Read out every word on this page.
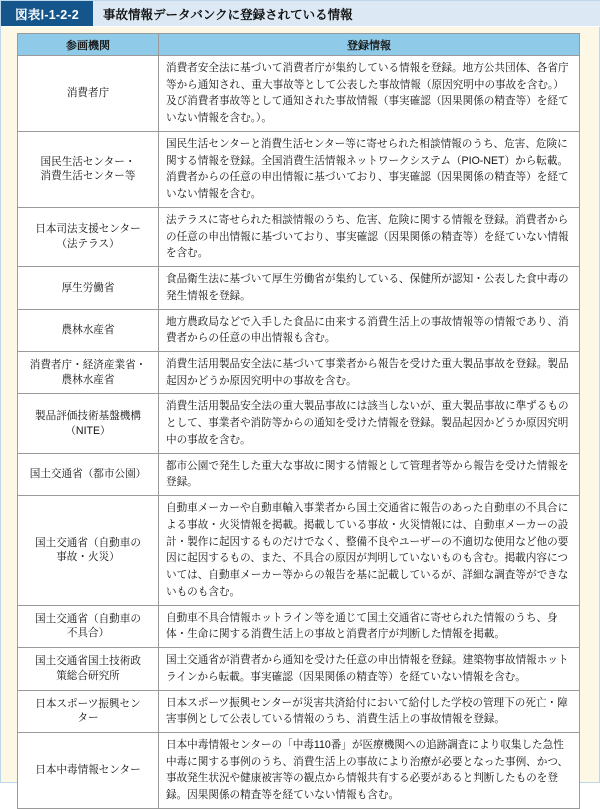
図表Ⅰ-1-2-2	事故情報データバンクに登録されている情報
参画機関	登録情報
消費者庁	消費者安全法に基づいて消費者庁が集約している情報を登録。地方公共団体、各省庁等から通知され、重大事故等として公表した事故情報（原因究明中の事故を含む。）及び消費者事故等として通知された事故情報（事実確認（因果関係の精査等）を経ていない情報を含む。）。
国民生活センター・
消費生活センター等	国民生活センターと消費生活センター等に寄せられた相談情報のうち、危害、危険に関する情報を登録。全国消費生活情報ネットワークシステム（PIO-NET）から転載。消費者からの任意の申出情報に基づいており、事実確認（因果関係の精査等）を経ていない情報を含む。
日本司法支援センター
（法テラス）	法テラスに寄せられた相談情報のうち、危害、危険に関する情報を登録。消費者からの任意の申出情報に基づいており、事実確認（因果関係の精査等）を経ていない情報を含む。
厚生労働省	食品衛生法に基づいて厚生労働省が集約している、保健所が認知・公表した食中毒の発生情報を登録。
農林水産省	地方農政局などで入手した食品に由来する消費生活上の事故情報等の情報であり、消費者からの任意の申出情報も含む。
消費者庁・経済産業省・
農林水産省	消費生活用製品安全法に基づいて事業者から報告を受けた重大製品事故を登録。製品起因かどうか原因究明中の事故を含む。
製品評価技術基盤機構
（NITE）	消費生活用製品安全法の重大製品事故には該当しないが、重大製品事故に準ずるものとして、事業者や消防等からの通知を受けた情報を登録。製品起因かどうか原因究明中の事故を含む。
国土交通省（都市公園）	都市公園で発生した重大な事故に関する情報として管理者等から報告を受けた情報を登録。
国土交通省（自動車の
事故・火災）	自動車メーカーや自動車輸入事業者から国土交通省に報告のあった自動車の不具合による事故・火災情報を掲載。掲載している事故・火災情報には、自動車メーカーの設計・製作に起因するものだけでなく、整備不良やユーザーの不適切な使用など他の要因に起因するもの、また、不具合の原因が判明していないものも含む。掲載内容については、自動車メーカー等からの報告を基に記載しているが、詳細な調査等ができないものも含む。
国土交通省（自動車の
不具合）	自動車不具合情報ホットライン等を通じて国土交通省に寄せられた情報のうち、身体・生命に関する消費生活上の事故と消費者庁が判断した情報を掲載。
国土交通省国土技術政
策総合研究所	国土交通省が消費者から通知を受けた任意の申出情報を登録。建築物事故情報ホットラインから転載。事実確認（因果関係の精査等）を経ていない情報を含む。
日本スポーツ振興セン
ター	日本スポーツ振興センターが災害共済給付において給付した学校の管理下の死亡・障害事例として公表している情報のうち、消費生活上の事故情報を登録。
日本中毒情報センター	日本中毒情報センターの「中毒110番」が医療機関への追跡調査により収集した急性中毒に関する事例のうち、消費生活上の事故により治療が必要となった事例、かつ、事故発生状況や健康被害等の観点から情報共有する必要があると判断したものを登録。因果関係の精査等を経ていない情報も含む。
